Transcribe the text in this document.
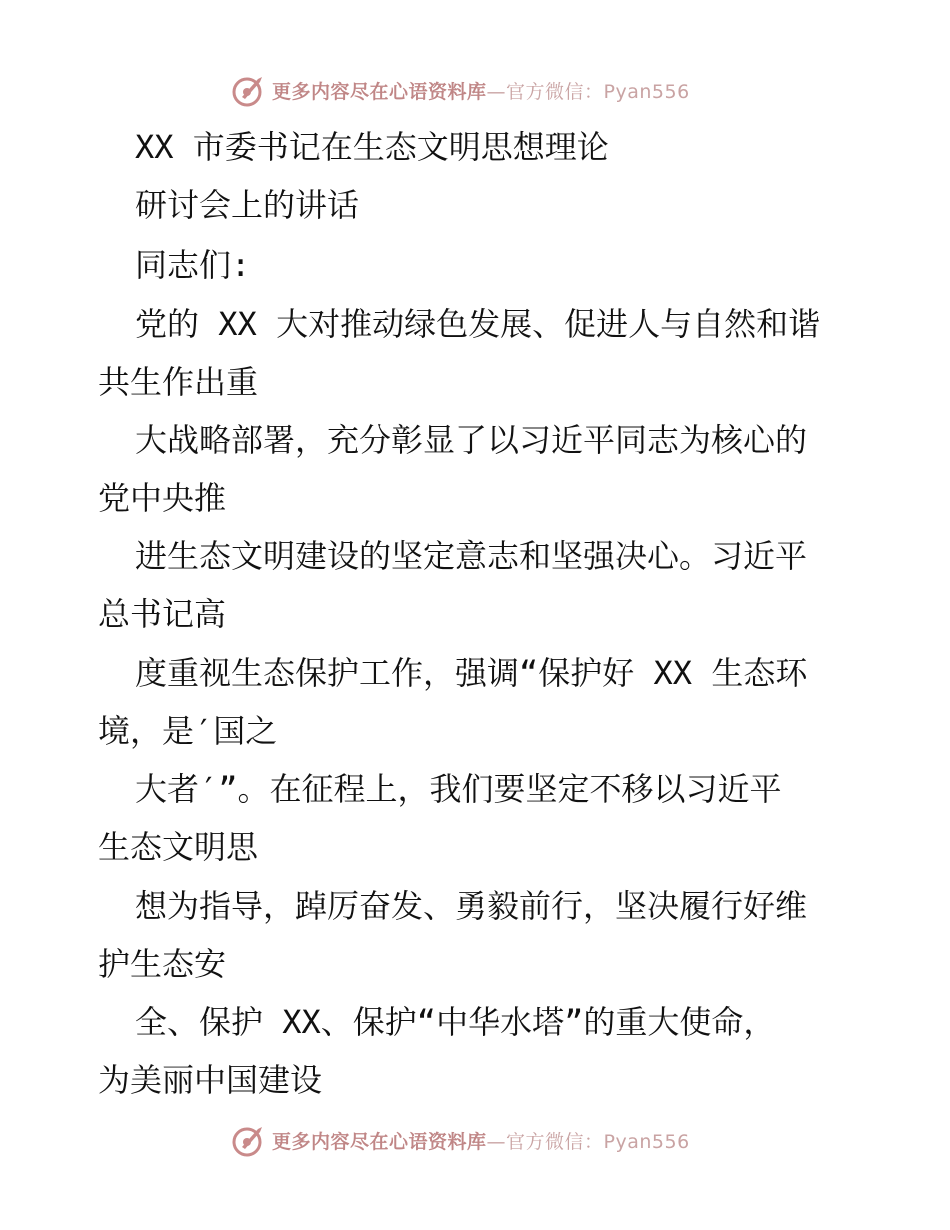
更多内容尽在心语资料库—官方微信：Pyan556
XX 市委书记在生态文明思想理论
研讨会上的讲话
同志们:
党的 XX 大对推动绿色发展、促进人与自然和谐
共生作出重
大战略部署，充分彰显了以习近平同志为核心的
党中央推
进生态文明建设的坚定意志和坚强决心。习近平
总书记高
度重视生态保护工作，强调“保护好 XX 生态环
境，是′国之
大者′”。在征程上，我们要坚定不移以习近平
生态文明思
想为指导，踔厉奋发、勇毅前行，坚决履行好维
护生态安
全、保护 XX、保护“中华水塔”的重大使命，
为美丽中国建设
更多内容尽在心语资料库—官方微信：Pyan556
